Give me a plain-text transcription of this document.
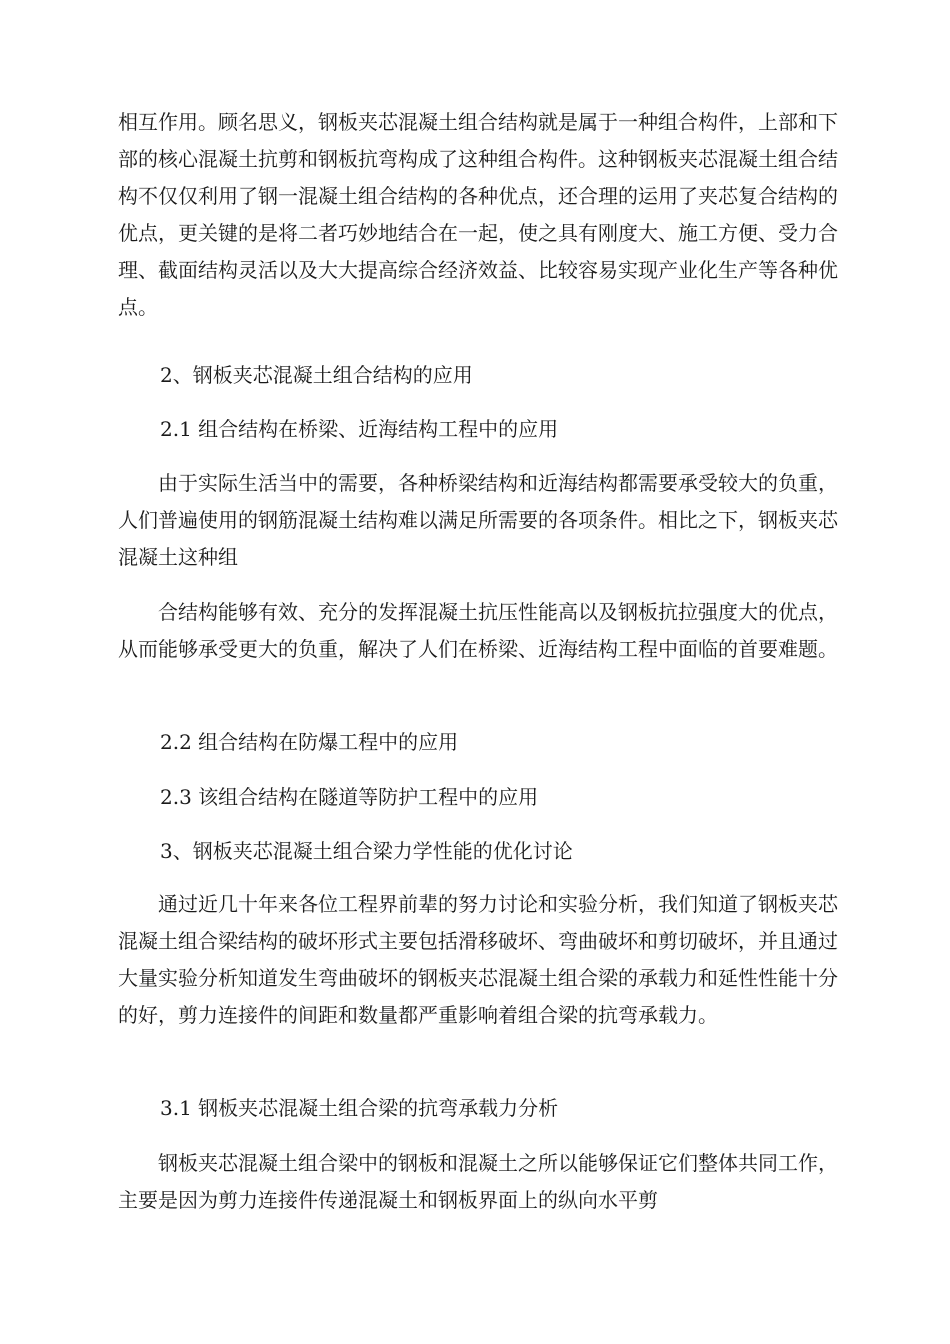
相互作用。顾名思义，钢板夹芯混凝土组合结构就是属于一种组合构件，上部和下部的核心混凝土抗剪和钢板抗弯构成了这种组合构件。这种钢板夹芯混凝土组合结构不仅仅利用了钢一混凝土组合结构的各种优点，还合理的运用了夹芯复合结构的优点，更关键的是将二者巧妙地结合在一起，使之具有刚度大、施工方便、受力合理、截面结构灵活以及大大提高综合经济效益、比较容易实现产业化生产等各种优点。

2、钢板夹芯混凝土组合结构的应用

2.1 组合结构在桥梁、近海结构工程中的应用

由于实际生活当中的需要，各种桥梁结构和近海结构都需要承受较大的负重，人们普遍使用的钢筋混凝土结构难以满足所需要的各项条件。相比之下，钢板夹芯混凝土这种组

合结构能够有效、充分的发挥混凝土抗压性能高以及钢板抗拉强度大的优点，从而能够承受更大的负重，解决了人们在桥梁、近海结构工程中面临的首要难题。

2.2 组合结构在防爆工程中的应用

2.3 该组合结构在隧道等防护工程中的应用

3、钢板夹芯混凝土组合梁力学性能的优化讨论

通过近几十年来各位工程界前辈的努力讨论和实验分析，我们知道了钢板夹芯混凝土组合梁结构的破坏形式主要包括滑移破坏、弯曲破坏和剪切破坏，并且通过大量实验分析知道发生弯曲破坏的钢板夹芯混凝土组合梁的承载力和延性性能十分的好，剪力连接件的间距和数量都严重影响着组合梁的抗弯承载力。

3.1 钢板夹芯混凝土组合梁的抗弯承载力分析

钢板夹芯混凝土组合梁中的钢板和混凝土之所以能够保证它们整体共同工作，主要是因为剪力连接件传递混凝土和钢板界面上的纵向水平剪
